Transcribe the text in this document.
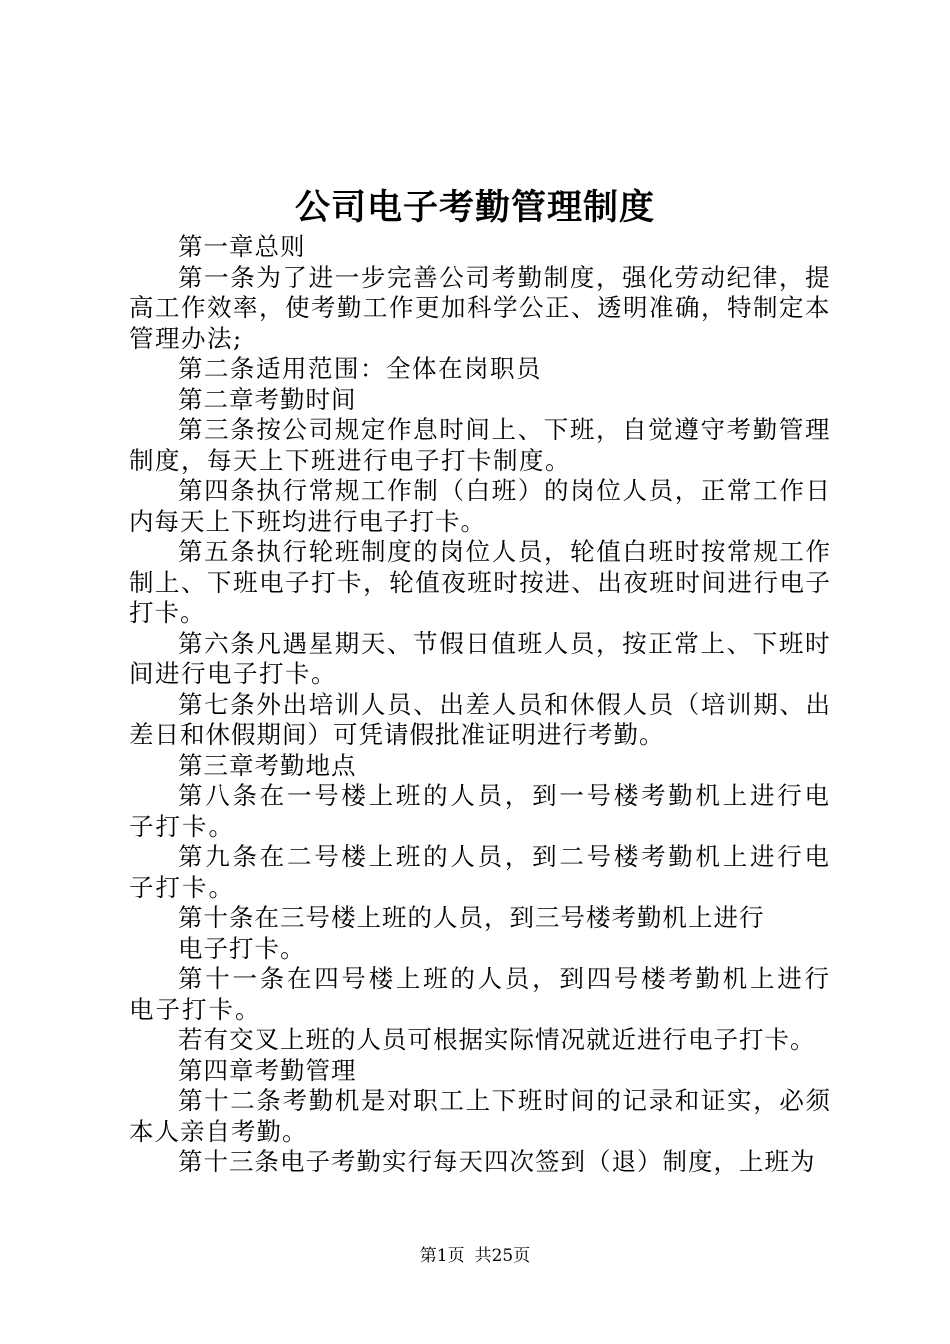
公司电子考勤管理制度

第一章总则

第一条为了进一步完善公司考勤制度，强化劳动纪律，提高工作效率，使考勤工作更加科学公正、透明准确，特制定本管理办法;

第二条适用范围：全体在岗职员

第二章考勤时间

第三条按公司规定作息时间上、下班，自觉遵守考勤管理制度，每天上下班进行电子打卡制度。

第四条执行常规工作制（白班）的岗位人员，正常工作日内每天上下班均进行电子打卡。

第五条执行轮班制度的岗位人员，轮值白班时按常规工作制上、下班电子打卡，轮值夜班时按进、出夜班时间进行电子打卡。

第六条凡遇星期天、节假日值班人员，按正常上、下班时间进行电子打卡。

第七条外出培训人员、出差人员和休假人员（培训期、出差日和休假期间）可凭请假批准证明进行考勤。

第三章考勤地点

第八条在一号楼上班的人员，到一号楼考勤机上进行电子打卡。

第九条在二号楼上班的人员，到二号楼考勤机上进行电子打卡。

第十条在三号楼上班的人员，到三号楼考勤机上进行

电子打卡。

第十一条在四号楼上班的人员，到四号楼考勤机上进行电子打卡。

若有交叉上班的人员可根据实际情况就近进行电子打卡。

第四章考勤管理

第十二条考勤机是对职工上下班时间的记录和证实，必须本人亲自考勤。

第十三条电子考勤实行每天四次签到（退）制度，上班为

第1页 共25页
